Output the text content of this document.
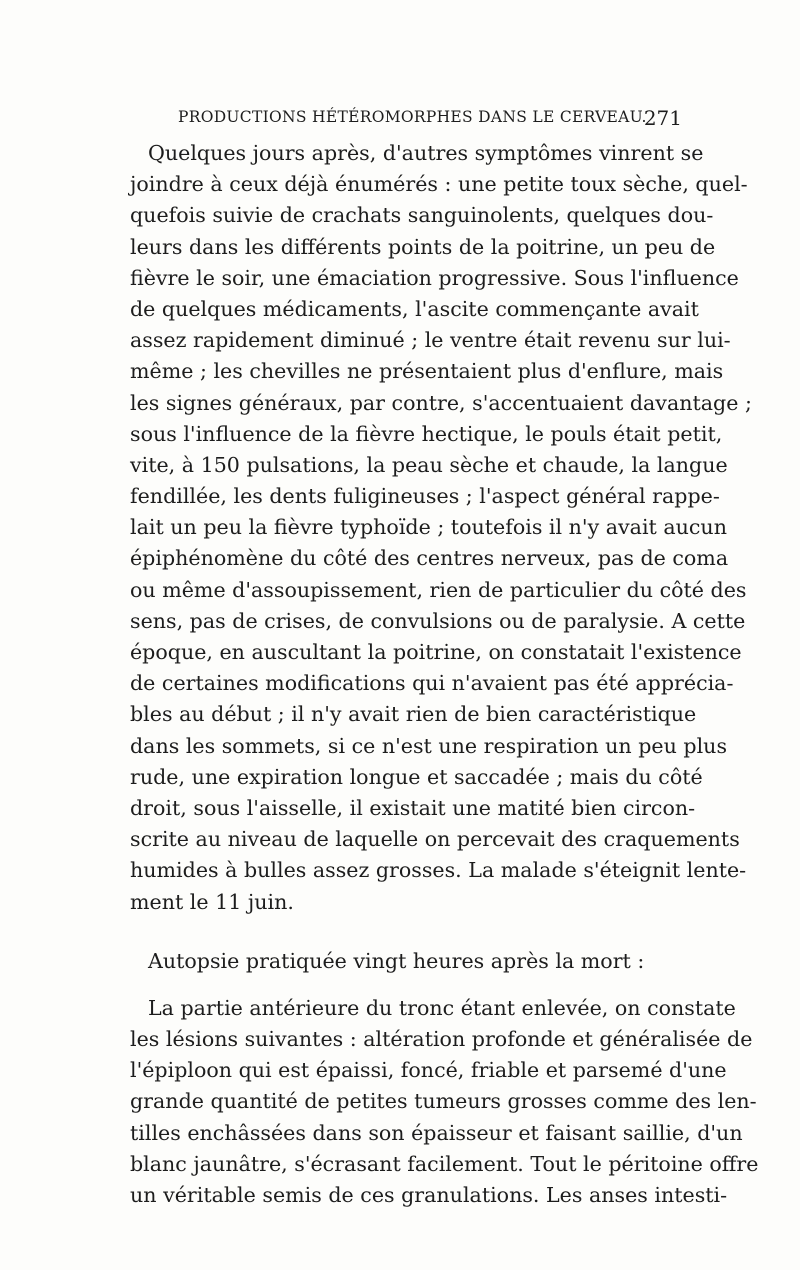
PRODUCTIONS HÉTÉROMORPHES DANS LE CERVEAU.
271
Quelques jours après, d'autres symptômes vinrent se
joindre à ceux déjà énumérés : une petite toux sèche, quel-
quefois suivie de crachats sanguinolents, quelques dou-
leurs dans les différents points de la poitrine, un peu de
fièvre le soir, une émaciation progressive. Sous l'influence
de quelques médicaments, l'ascite commençante avait
assez rapidement diminué ; le ventre était revenu sur lui-
même ; les chevilles ne présentaient plus d'enflure, mais
les signes généraux, par contre, s'accentuaient davantage ;
sous l'influence de la fièvre hectique, le pouls était petit,
vite, à 150 pulsations, la peau sèche et chaude, la langue
fendillée, les dents fuligineuses ; l'aspect général rappe-
lait un peu la fièvre typhoïde ; toutefois il n'y avait aucun
épiphénomène du côté des centres nerveux, pas de coma
ou même d'assoupissement, rien de particulier du côté des
sens, pas de crises, de convulsions ou de paralysie. A cette
époque, en auscultant la poitrine, on constatait l'existence
de certaines modifications qui n'avaient pas été apprécia-
bles au début ; il n'y avait rien de bien caractéristique
dans les sommets, si ce n'est une respiration un peu plus
rude, une expiration longue et saccadée ; mais du côté
droit, sous l'aisselle, il existait une matité bien circon-
scrite au niveau de laquelle on percevait des craquements
humides à bulles assez grosses. La malade s'éteignit lente-
ment le 11 juin.
Autopsie pratiquée vingt heures après la mort :
La partie antérieure du tronc étant enlevée, on constate
les lésions suivantes : altération profonde et généralisée de
l'épiploon qui est épaissi, foncé, friable et parsemé d'une
grande quantité de petites tumeurs grosses comme des len-
tilles enchâssées dans son épaisseur et faisant saillie, d'un
blanc jaunâtre, s'écrasant facilement. Tout le péritoine offre
un véritable semis de ces granulations. Les anses intesti-
